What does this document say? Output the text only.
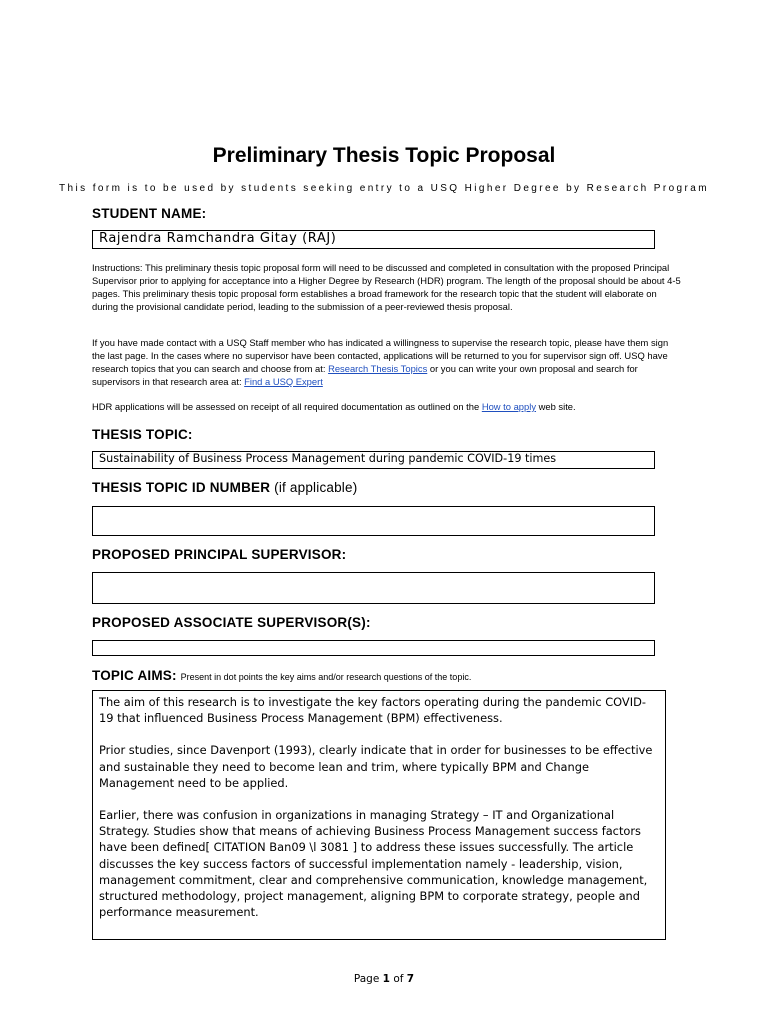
Preliminary Thesis Topic Proposal
This form is to be used by students seeking entry to a USQ Higher Degree by Research Program
STUDENT NAME:
Rajendra Ramchandra Gitay (RAJ)
Instructions: This preliminary thesis topic proposal form will need to be discussed and completed in consultation with the proposed Principal Supervisor prior to applying for acceptance into a Higher Degree by Research (HDR) program. The length of the proposal should be about 4-5 pages. This preliminary thesis topic proposal form establishes a broad framework for the research topic that the student will elaborate on during the provisional candidate period, leading to the submission of a peer-reviewed thesis proposal.
If you have made contact with a USQ Staff member who has indicated a willingness to supervise the research topic, please have them sign the last page. In the cases where no supervisor have been contacted, applications will be returned to you for supervisor sign off. USQ have research topics that you can search and choose from at: Research Thesis Topics or you can write your own proposal and search for supervisors in that research area at: Find a USQ Expert
HDR applications will be assessed on receipt of all required documentation as outlined on the How to apply web site.
THESIS TOPIC:
Sustainability of Business Process Management during pandemic COVID-19 times
THESIS TOPIC ID NUMBER (if applicable)
PROPOSED PRINCIPAL SUPERVISOR:
PROPOSED ASSOCIATE SUPERVISOR(S):
TOPIC AIMS: Present in dot points the key aims and/or research questions of the topic.

The aim of this research is to investigate the key factors operating during the pandemic COVID-19 that influenced Business Process Management (BPM) effectiveness.

Prior studies, since Davenport (1993), clearly indicate that in order for businesses to be effective and sustainable they need to become lean and trim, where typically BPM and Change Management need to be applied.

Earlier, there was confusion in organizations in managing Strategy – IT and Organizational Strategy. Studies show that means of achieving Business Process Management success factors have been defined[ CITATION Ban09 \l 3081 ] to address these issues successfully. The article discusses the key success factors of successful implementation namely - leadership, vision, management commitment, clear and comprehensive communication, knowledge management, structured methodology, project management, aligning BPM to corporate strategy, people and performance measurement.

Page 1 of 7
